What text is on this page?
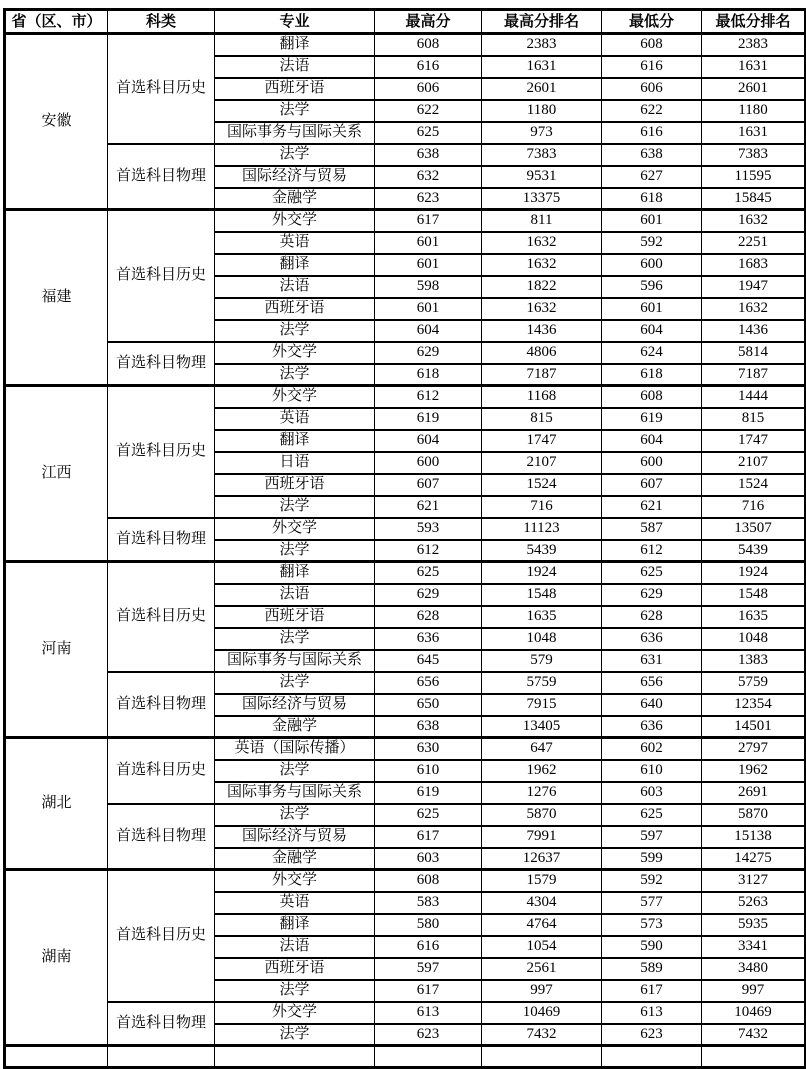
省（区、市）	科类	专业	最高分	最高分排名	最低分	最低分排名
安徽	首选科目历史	翻译	608	2383	608	2383
		法语	616	1631	616	1631
		西班牙语	606	2601	606	2601
		法学	622	1180	622	1180
		国际事务与国际关系	625	973	616	1631
	首选科目物理	法学	638	7383	638	7383
		国际经济与贸易	632	9531	627	11595
		金融学	623	13375	618	15845
福建	首选科目历史	外交学	617	811	601	1632
		英语	601	1632	592	2251
		翻译	601	1632	600	1683
		法语	598	1822	596	1947
		西班牙语	601	1632	601	1632
		法学	604	1436	604	1436
	首选科目物理	外交学	629	4806	624	5814
		法学	618	7187	618	7187
江西	首选科目历史	外交学	612	1168	608	1444
		英语	619	815	619	815
		翻译	604	1747	604	1747
		日语	600	2107	600	2107
		西班牙语	607	1524	607	1524
		法学	621	716	621	716
	首选科目物理	外交学	593	11123	587	13507
		法学	612	5439	612	5439
河南	首选科目历史	翻译	625	1924	625	1924
		法语	629	1548	629	1548
		西班牙语	628	1635	628	1635
		法学	636	1048	636	1048
		国际事务与国际关系	645	579	631	1383
	首选科目物理	法学	656	5759	656	5759
		国际经济与贸易	650	7915	640	12354
		金融学	638	13405	636	14501
湖北	首选科目历史	英语（国际传播）	630	647	602	2797
		法学	610	1962	610	1962
		国际事务与国际关系	619	1276	603	2691
	首选科目物理	法学	625	5870	625	5870
		国际经济与贸易	617	7991	597	15138
		金融学	603	12637	599	14275
湖南	首选科目历史	外交学	608	1579	592	3127
		英语	583	4304	577	5263
		翻译	580	4764	573	5935
		法语	616	1054	590	3341
		西班牙语	597	2561	589	3480
		法学	617	997	617	997
	首选科目物理	外交学	613	10469	613	10469
		法学	623	7432	623	7432
